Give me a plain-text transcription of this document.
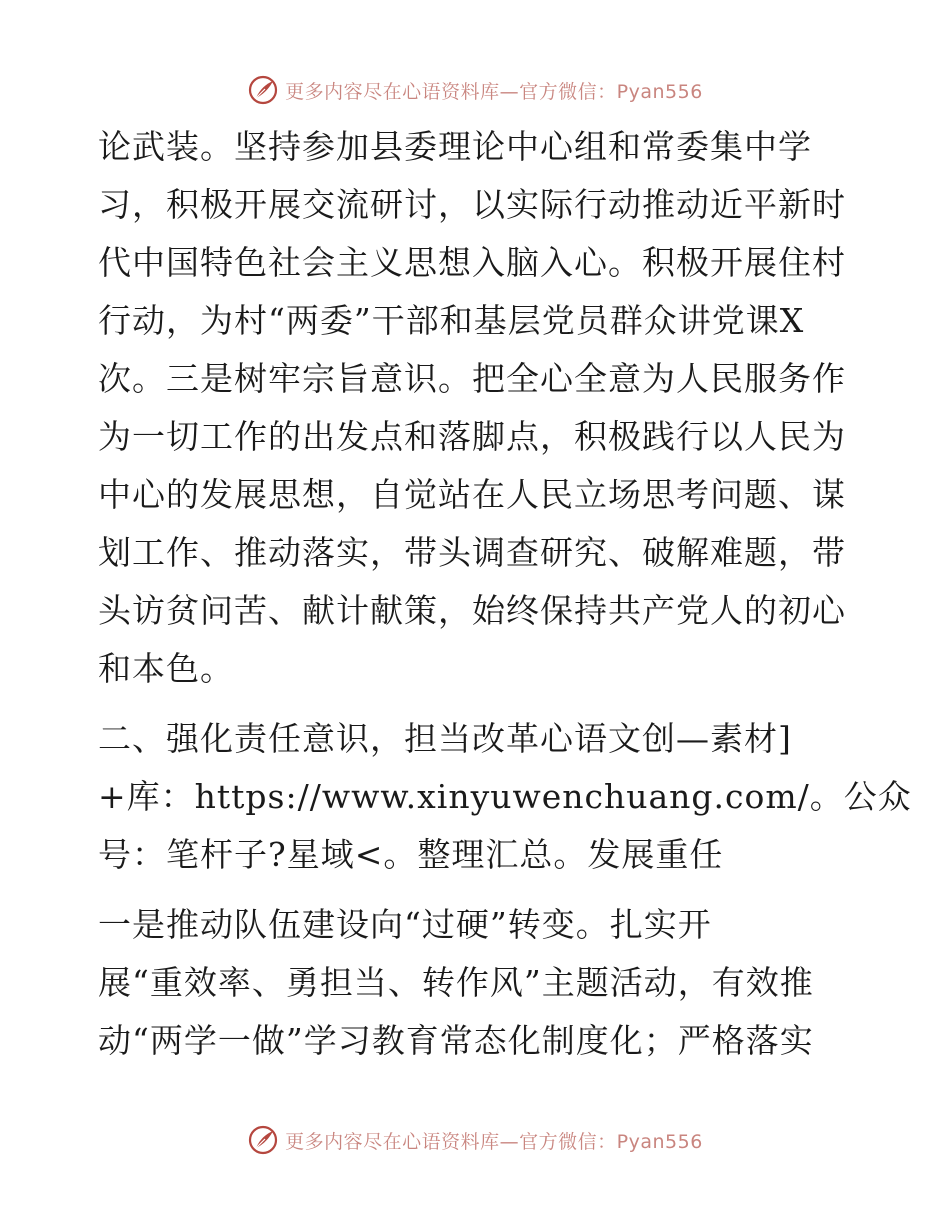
更多内容尽在心语资料库—官方微信：Pyan556
论武装。坚持参加县委理论中心组和常委集中学
习，积极开展交流研讨，以实际行动推动近平新时
代中国特色社会主义思想入脑入心。积极开展住村
行动，为村“两委”干部和基层党员群众讲党课X
次。三是树牢宗旨意识。把全心全意为人民服务作
为一切工作的出发点和落脚点，积极践行以人民为
中心的发展思想，自觉站在人民立场思考问题、谋
划工作、推动落实，带头调查研究、破解难题，带
头访贫问苦、献计献策，始终保持共产党人的初心
和本色。
二、强化责任意识，担当改革心语文创—素材]
+库：https://www.xinyuwenchuang.com/。公众
号：笔杆子?星域<。整理汇总。发展重任
一是推动队伍建设向“过硬”转变。扎实开
展“重效率、勇担当、转作风”主题活动，有效推
动“两学一做”学习教育常态化制度化；严格落实
更多内容尽在心语资料库—官方微信：Pyan556
